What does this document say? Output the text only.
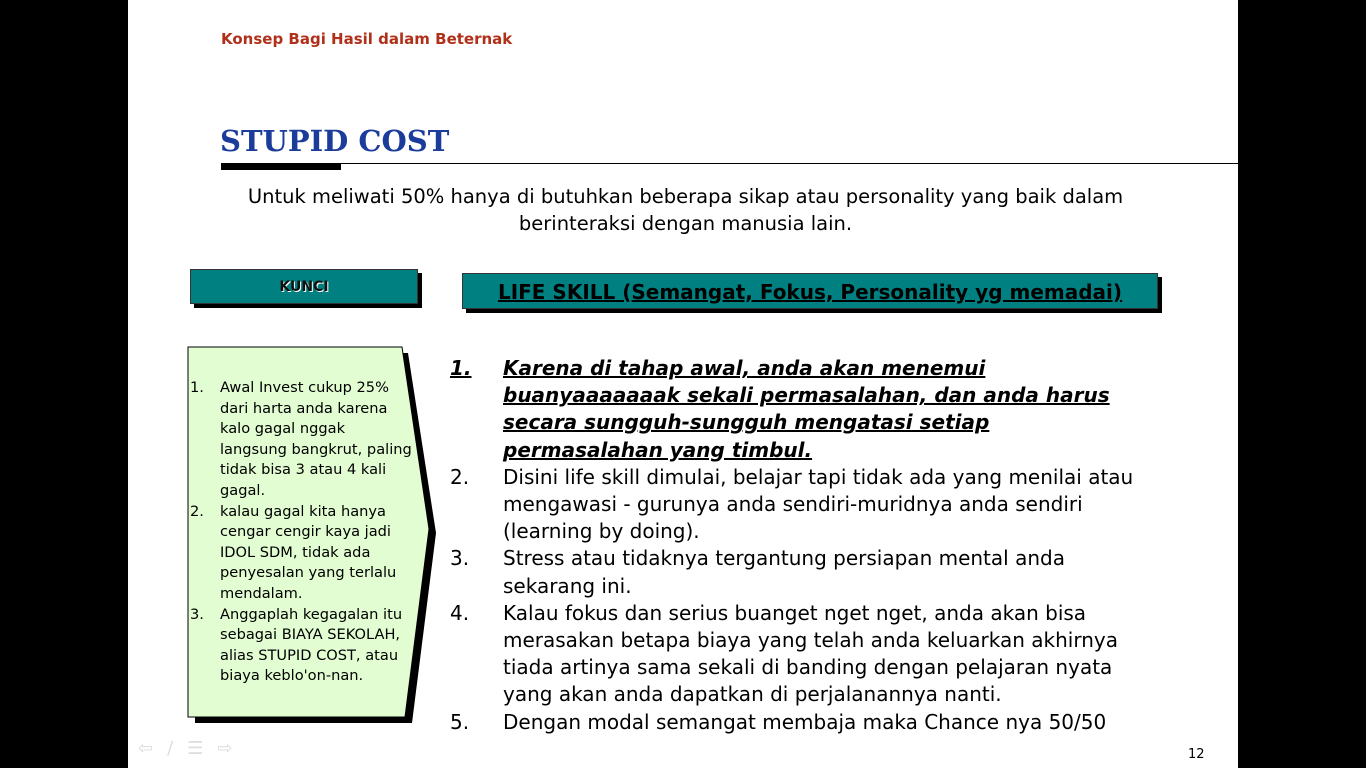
Konsep Bagi Hasil dalam Beternak
STUPID COST
Untuk meliwati 50% hanya di butuhkan beberapa sikap atau personality yang baik dalam berinteraksi dengan manusia lain.
KUNCI	LIFE SKILL (Semangat, Fokus, Personality yg memadai)
1.	Awal Invest cukup 25% dari harta anda karena kalo gagal nggak langsung bangkrut, paling tidak bisa 3 atau 4 kali gagal.
2.	kalau gagal kita hanya cengar cengir kaya jadi IDOL SDM, tidak ada penyesalan yang terlalu mendalam.
3.	Anggaplah kegagalan itu sebagai BIAYA SEKOLAH, alias STUPID COST, atau biaya keblo'on-nan.
1.	Karena di tahap awal, anda akan menemui buanyaaaaaaak sekali permasalahan, dan anda harus secara sungguh-sungguh mengatasi setiap permasalahan yang timbul.
2.	Disini life skill dimulai, belajar tapi tidak ada yang menilai atau mengawasi - gurunya anda sendiri-muridnya anda sendiri (learning by doing).
3.	Stress atau tidaknya tergantung persiapan mental anda sekarang ini.
4.	Kalau fokus dan serius buanget nget nget, anda akan bisa merasakan betapa biaya yang telah anda keluarkan akhirnya tiada artinya sama sekali di banding dengan pelajaran nyata yang akan anda dapatkan di perjalanannya nanti.
5.	Dengan modal semangat membaja maka Chance nya 50/50
⇦ ∕ ☰ ⇨	12
